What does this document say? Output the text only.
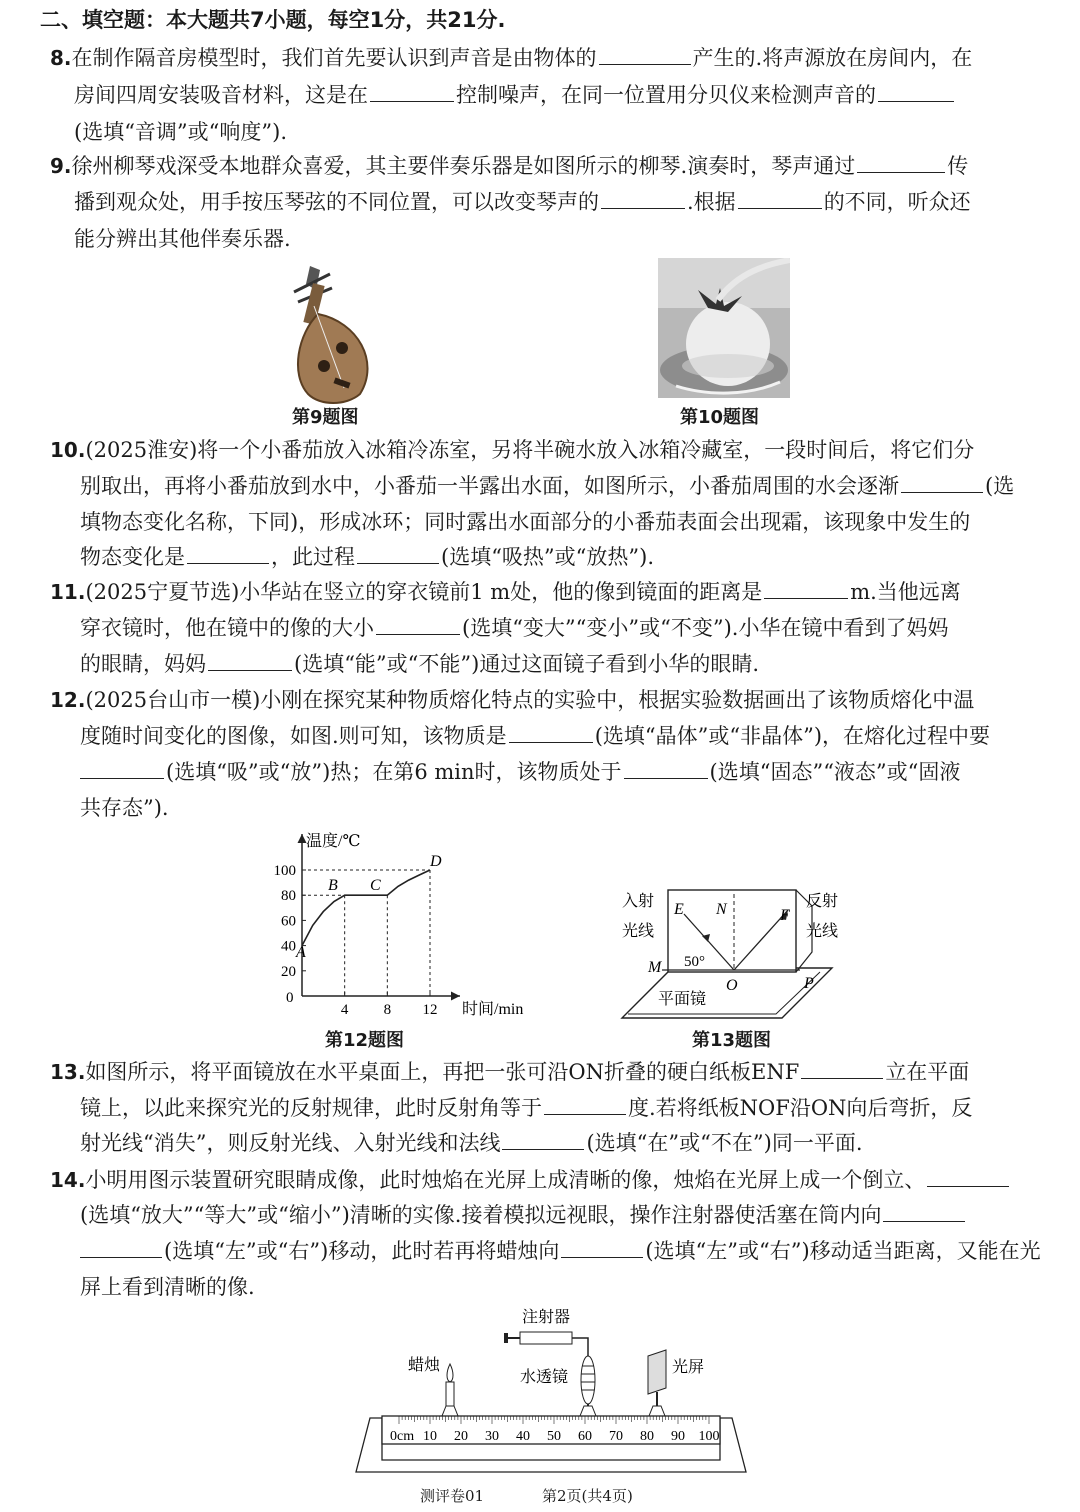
二、填空题：本大题共7小题，每空1分，共21分.
8.在制作隔音房模型时，我们首先要认识到声音是由物体的	产生的.将声源放在房间内，在
房间四周安装吸音材料，这是在	控制噪声，在同一位置用分贝仪来检测声音的
(选填“音调”或“响度”).
9.徐州柳琴戏深受本地群众喜爱，其主要伴奏乐器是如图所示的柳琴.演奏时，琴声通过	传
播到观众处，用手按压琴弦的不同位置，可以改变琴声的	.根据	的不同，听众还
能分辨出其他伴奏乐器.
第9题图	第10题图
10.(2025淮安)将一个小番茄放入冰箱冷冻室，另将半碗水放入冰箱冷藏室，一段时间后，将它们分
别取出，再将小番茄放到水中，小番茄一半露出水面，如图所示，小番茄周围的水会逐渐	(选
填物态变化名称，下同)，形成冰环；同时露出水面部分的小番茄表面会出现霜，该现象中发生的
物态变化是	，此过程	(选填“吸热”或“放热”).
11.(2025宁夏节选)小华站在竖立的穿衣镜前1 m处，他的像到镜面的距离是	m.当他远离
穿衣镜时，他在镜中的像的大小	(选填“变大”“变小”或“不变”).小华在镜中看到了妈妈
的眼睛，妈妈	(选填“能”或“不能”)通过这面镜子看到小华的眼睛.
12.(2025台山市一模)小刚在探究某种物质熔化特点的实验中，根据实验数据画出了该物质熔化中温
度随时间变化的图像，如图.则可知，该物质是	(选填“晶体”或“非晶体”)，在熔化过程中要
(选填“吸”或“放”)热；在第6 min时，该物质处于	(选填“固态”“液态”或“固液
共存态”).
温度/℃
时间/min
0
20
40
60
80
100
4 8 12
A
B C
D
第12题图
入射
光线
反射
光线
E N	F
M 50°
O	P
平面镜
第13题图
13.如图所示，将平面镜放在水平桌面上，再把一张可沿ON折叠的硬白纸板ENF	立在平面
镜上，以此来探究光的反射规律，此时反射角等于	度.若将纸板NOF沿ON向后弯折，反
射光线“消失”，则反射光线、入射光线和法线	(选填“在”或“不在”)同一平面.
14.小明用图示装置研究眼睛成像，此时烛焰在光屏上成清晰的像，烛焰在光屏上成一个倒立、
(选填“放大”“等大”或“缩小”)清晰的实像.接着模拟远视眼，操作注射器使活塞在筒内向
(选填“左”或“右”)移动，此时若再将蜡烛向	(选填“左”或“右”)移动适当距离，又能在光
屏上看到清晰的像.
注射器
蜡烛
水透镜
光屏
10 20 30 40 50 60 70 80 90 100
0cm
测评卷01	第2页(共4页)
